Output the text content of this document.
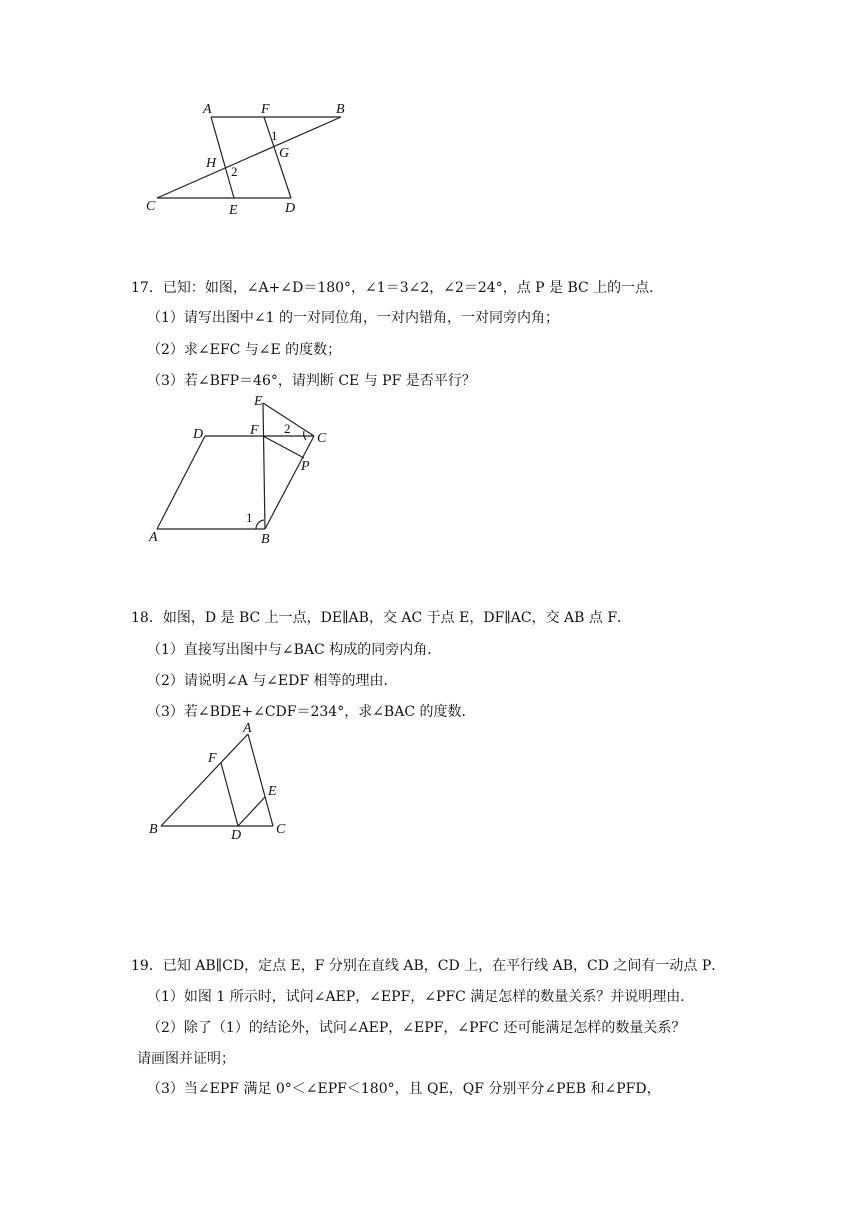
A	F	B
1
G
H
2
C	E	D
17．已知：如图，∠A+∠D＝180°，∠1＝3∠2，∠2＝24°，点 P 是 BC 上的一点．
（1）请写出图中∠1 的一对同位角，一对内错角，一对同旁内角；
（2）求∠EFC 与∠E 的度数；
（3）若∠BFP＝46°，请判断 CE 与 PF 是否平行？
E
D	F 2
C
P
1
A	B
18．如图，D 是 BC 上一点，DE∥AB，交 AC 于点 E，DF∥AC，交 AB 点 F．
（1）直接写出图中与∠BAC 构成的同旁内角．
（2）请说明∠A 与∠EDF 相等的理由．
（3）若∠BDE+∠CDF＝234°，求∠BAC 的度数．
A
F
E
B	D C
19．已知 AB∥CD，定点 E，F 分别在直线 AB，CD 上，在平行线 AB，CD 之间有一动点 P．
（1）如图 1 所示时，试问∠AEP，∠EPF，∠PFC 满足怎样的数量关系？并说明理由．
（2）除了（1）的结论外，试问∠AEP，∠EPF，∠PFC 还可能满足怎样的数量关系？
请画图并证明；
（3）当∠EPF 满足 0°＜∠EPF＜180°，且 QE，QF 分别平分∠PEB 和∠PFD，
